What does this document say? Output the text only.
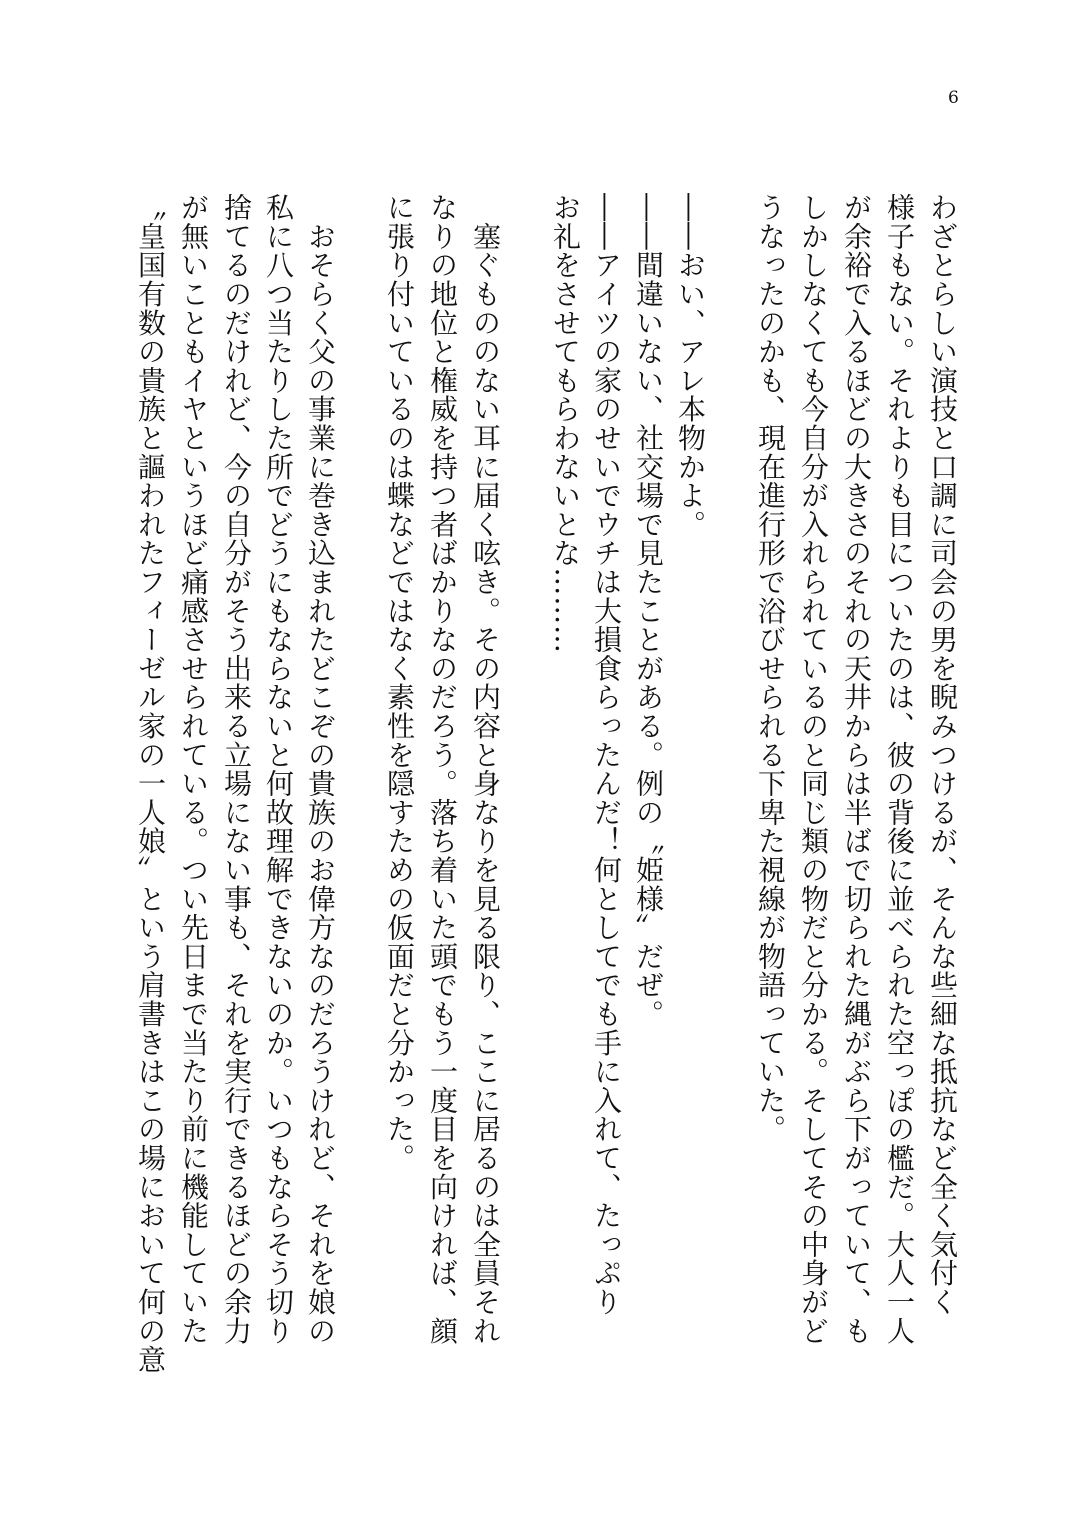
6
わざとらしい演技と口調に司会の男を睨みつけるが、そんな些細な抵抗など全く気付く
様子もない。それよりも目についたのは、彼の背後に並べられた空っぽの檻だ。大人一人
が余裕で入るほどの大きさのそれの天井からは半ばで切られた縄がぶら下がっていて、も
しかしなくても今自分が入れられているのと同じ類の物だと分かる。そしてその中身がど
うなったのかも、現在進行形で浴びせられる下卑た視線が物語っていた。
――おい、アレ本物かよ。
――間違いない、社交場で見たことがある。例の〝姫様〟だぜ。
――アイツの家のせいでウチは大損食らったんだ！何としてでも手に入れて、たっぷり
お礼をさせてもらわないとな………
　塞ぐもののない耳に届く呟き。その内容と身なりを見る限り、ここに居るのは全員それ
なりの地位と権威を持つ者ばかりなのだろう。落ち着いた頭でもう一度目を向ければ、顔
に張り付いているのは蝶などではなく素性を隠すための仮面だと分かった。
　おそらく父の事業に巻き込まれたどこぞの貴族のお偉方なのだろうけれど、それを娘の
私に八つ当たりした所でどうにもならないと何故理解できないのか。いつもならそう切り
捨てるのだけれど、今の自分がそう出来る立場にない事も、それを実行できるほどの余力
が無いこともイヤというほど痛感させられている。つい先日まで当たり前に機能していた
〝皇国有数の貴族と謳われたフィーゼル家の一人娘〟という肩書きはこの場において何の意
